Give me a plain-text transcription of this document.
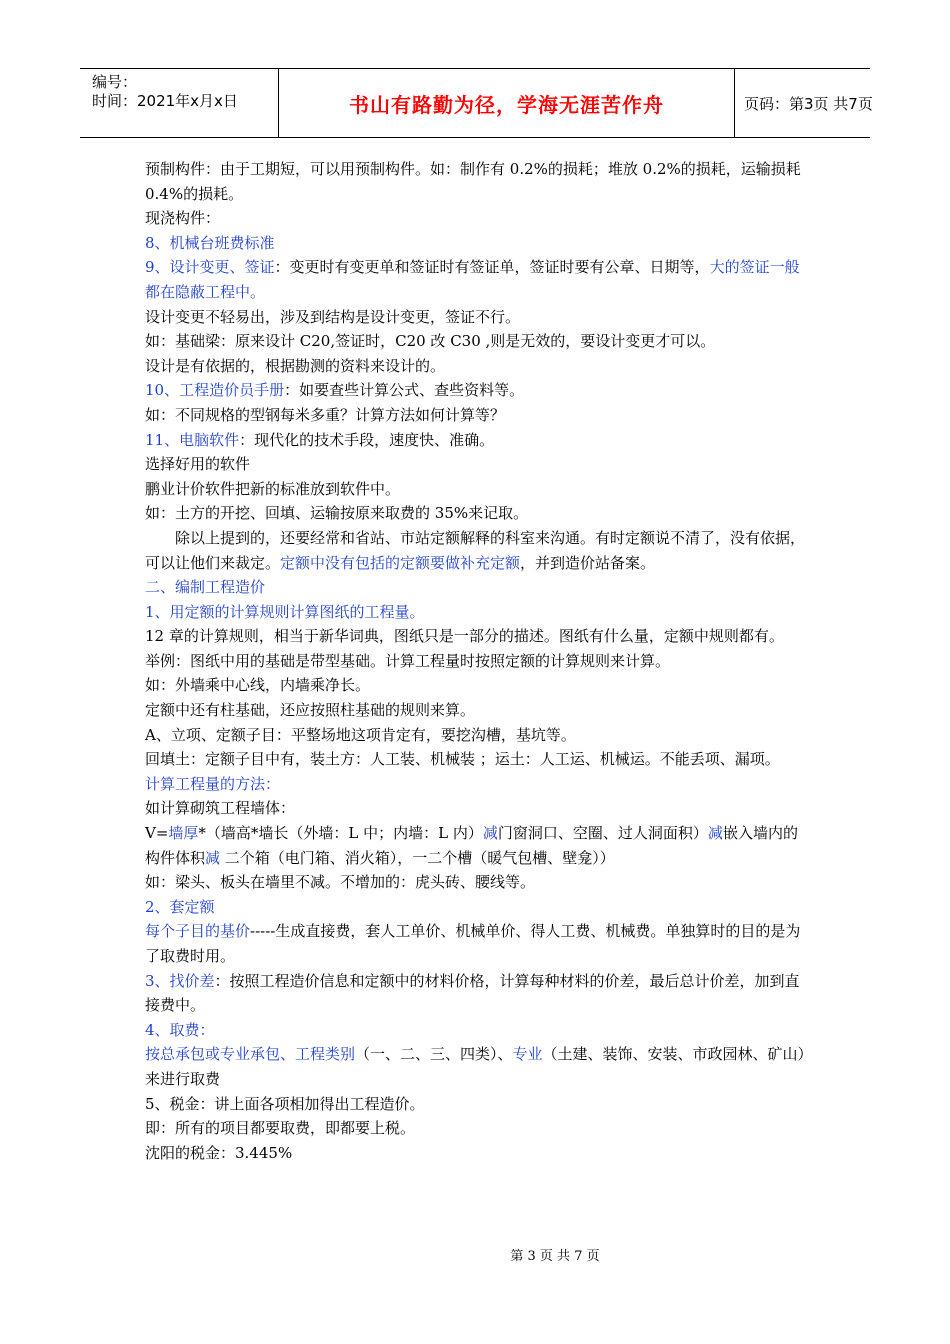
编号：
时间：2021年x月x日	书山有路勤为径，学海无涯苦作舟	页码：第3页 共7页

预制构件：由于工期短，可以用预制构件。如：制作有 0.2%的损耗；堆放 0.2%的损耗，运输损耗 0.4%的损耗。

现浇构件：

8、机械台班费标准

9、设计变更、签证：变更时有变更单和签证时有签证单，签证时要有公章、日期等，大的签证一般都在隐蔽工程中。

设计变更不轻易出，涉及到结构是设计变更，签证不行。

如：基础梁：原来设计 C20,签证时，C20 改 C30 ,则是无效的，要设计变更才可以。

设计是有依据的，根据勘测的资料来设计的。

10、工程造价员手册：如要查些计算公式、查些资料等。

如：不同规格的型钢每米多重？计算方法如何计算等？

11、电脑软件：现代化的技术手段，速度快、准确。

选择好用的软件

鹏业计价软件把新的标准放到软件中。

如：土方的开挖、回填、运输按原来取费的 35%来记取。

除以上提到的，还要经常和省站、市站定额解释的科室来沟通。有时定额说不清了，没有依据，可以让他们来裁定。定额中没有包括的定额要做补充定额，并到造价站备案。

二、编制工程造价

1、用定额的计算规则计算图纸的工程量。

12 章的计算规则，相当于新华词典，图纸只是一部分的描述。图纸有什么量，定额中规则都有。

举例：图纸中用的基础是带型基础。计算工程量时按照定额的计算规则来计算。

如：外墙乘中心线，内墙乘净长。

定额中还有柱基础，还应按照柱基础的规则来算。

A、立项、定额子目：平整场地这项肯定有，要挖沟槽，基坑等。

回填土：定额子目中有，装土方：人工装、机械装 ；运土：人工运、机械运。不能丢项、漏项。

计算工程量的方法：

如计算砌筑工程墙体：

V=墙厚*（墙高*墙长（外墙：L 中；内墙：L 内）减门窗洞口、空圈、过人洞面积）减嵌入墙内的构件体积减 二个箱（电门箱、消火箱），一二个槽（暖气包槽、壁龛））

如：梁头、板头在墙里不减。不增加的：虎头砖、腰线等。

2、套定额

每个子目的基价-----生成直接费，套人工单价、机械单价、得人工费、机械费。单独算时的目的是为了取费时用。

3、找价差：按照工程造价信息和定额中的材料价格，计算每种材料的价差，最后总计价差，加到直接费中。

4、取费：

按总承包或专业承包、工程类别（一、二、三、四类）、专业（土建、装饰、安装、市政园林、矿山）来进行取费

5、税金：讲上面各项相加得出工程造价。

即：所有的项目都要取费，即都要上税。

沈阳的税金：3.445%

第 3 页 共 7 页
